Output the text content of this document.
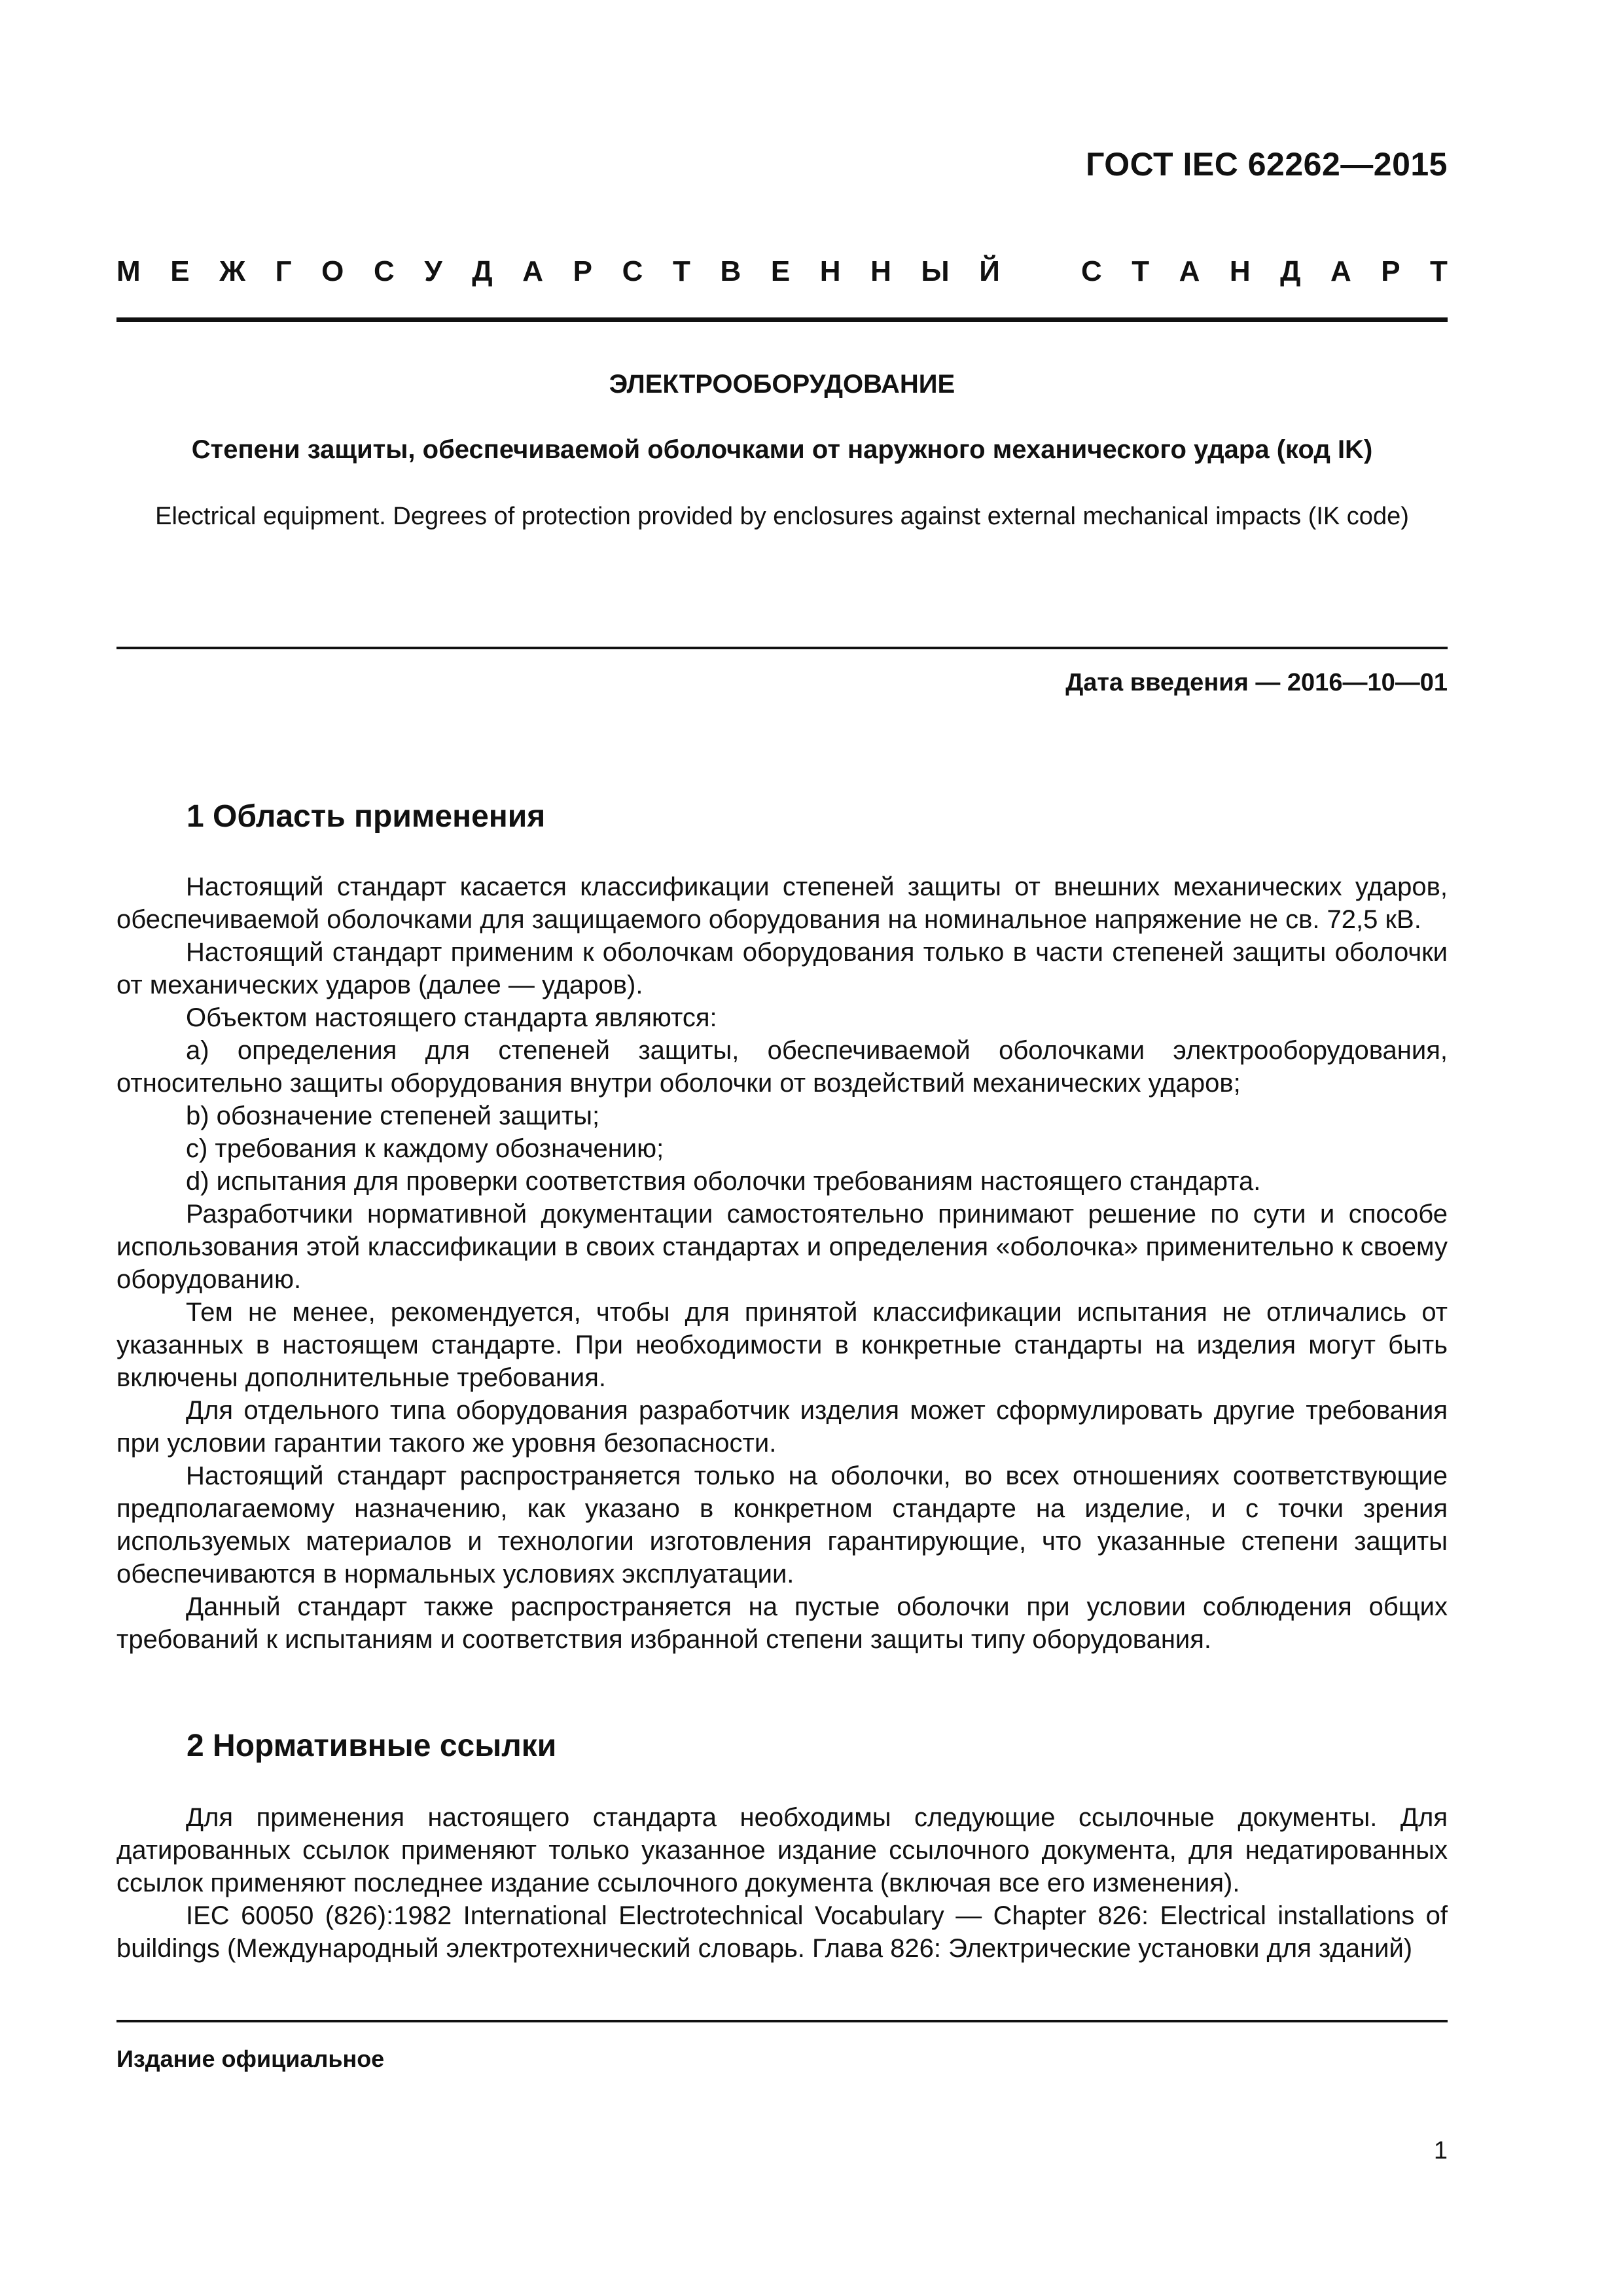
ГОСТ IEC 62262—2015
М Е Ж Г О С У Д А Р С Т В Е Н Н Ы Й	С Т А Н Д А Р Т
ЭЛЕКТРООБОРУДОВАНИЕ
Степени защиты, обеспечиваемой оболочками от наружного механического удара (код IK)
Electrical equipment. Degrees of protection provided by enclosures against external mechanical impacts (IK code)
Дата введения — 2016—10—01
1 Область применения

Настоящий стандарт касается классификации степеней защиты от внешних механических ударов, обеспечиваемой оболочками для защищаемого оборудования на номинальное напряжение не св. 72,5 кВ.

Настоящий стандарт применим к оболочкам оборудования только в части степеней защиты оболочки от механических ударов (далее — ударов).

Объектом настоящего стандарта являются:

a) определения для степеней защиты, обеспечиваемой оболочками электрооборудования, относительно защиты оборудования внутри оболочки от воздействий механических ударов;

b) обозначение степеней защиты;

c) требования к каждому обозначению;

d) испытания для проверки соответствия оболочки требованиям настоящего стандарта.

Разработчики нормативной документации самостоятельно принимают решение по сути и способе использования этой классификации в своих стандартах и определения «оболочка» применительно к своему оборудованию.

Тем не менее, рекомендуется, чтобы для принятой классификации испытания не отличались от указанных в настоящем стандарте. При необходимости в конкретные стандарты на изделия могут быть включены дополнительные требования.

Для отдельного типа оборудования разработчик изделия может сформулировать другие требования при условии гарантии такого же уровня безопасности.

Настоящий стандарт распространяется только на оболочки, во всех отношениях соответствующие предполагаемому назначению, как указано в конкретном стандарте на изделие, и с точки зрения используемых материалов и технологии изготовления гарантирующие, что указанные степени защиты обеспечиваются в нормальных условиях эксплуатации.

Данный стандарт также распространяется на пустые оболочки при условии соблюдения общих требований к испытаниям и соответствия избранной степени защиты типу оборудования.

2 Нормативные ссылки

Для применения настоящего стандарта необходимы следующие ссылочные документы. Для датированных ссылок применяют только указанное издание ссылочного документа, для недатированных ссылок применяют последнее издание ссылочного документа (включая все его изменения).

IEC 60050 (826):1982 International Electrotechnical Vocabulary — Chapter 826: Electrical installations of buildings (Международный электротехнический словарь. Глава 826: Электрические установки для зданий)

Издание официальное
1
